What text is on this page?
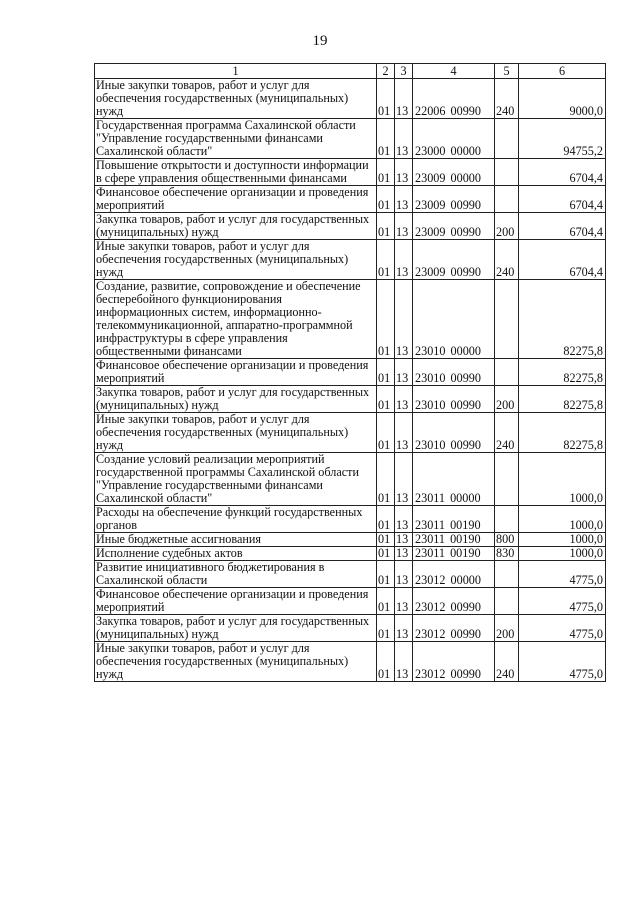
19
1	2	3	4	5	6
Иные закупки товаров, работ и услуг для обеспечения государственных (муниципальных) нужд	01	13	22006 00990	240	9000,0
Государственная программа Сахалинской области "Управление государственными финансами Сахалинской области"	01	13	23000 00000		94755,2
Повышение открытости и доступности информации в сфере управления общественными финансами	01	13	23009 00000		6704,4
Финансовое обеспечение организации и проведения мероприятий	01	13	23009 00990		6704,4
Закупка товаров, работ и услуг для государственных (муниципальных) нужд	01	13	23009 00990	200	6704,4
Иные закупки товаров, работ и услуг для обеспечения государственных (муниципальных) нужд	01	13	23009 00990	240	6704,4
Создание, развитие, сопровождение и обеспечение бесперебойного функционирования информационных систем, информационно-телекоммуникационной, аппаратно-программной инфраструктуры в сфере управления общественными финансами	01	13	23010 00000		82275,8
Финансовое обеспечение организации и проведения мероприятий	01	13	23010 00990		82275,8
Закупка товаров, работ и услуг для государственных (муниципальных) нужд	01	13	23010 00990	200	82275,8
Иные закупки товаров, работ и услуг для обеспечения государственных (муниципальных) нужд	01	13	23010 00990	240	82275,8
Создание условий реализации мероприятий государственной программы Сахалинской области "Управление государственными финансами Сахалинской области"	01	13	23011 00000		1000,0
Расходы на обеспечение функций государственных органов	01	13	23011 00190		1000,0
Иные бюджетные ассигнования	01	13	23011 00190	800	1000,0
Исполнение судебных актов	01	13	23011 00190	830	1000,0
Развитие инициативного бюджетирования в Сахалинской области	01	13	23012 00000		4775,0
Финансовое обеспечение организации и проведения мероприятий	01	13	23012 00990		4775,0
Закупка товаров, работ и услуг для государственных (муниципальных) нужд	01	13	23012 00990	200	4775,0
Иные закупки товаров, работ и услуг для обеспечения государственных (муниципальных) нужд	01	13	23012 00990	240	4775,0
